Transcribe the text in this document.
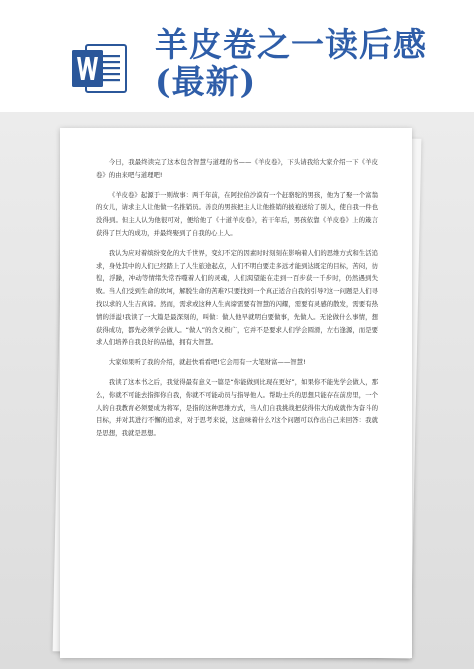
羊皮卷之一读后感(最新)

今日，我最终读完了这本包含智慧与道理的书——《羊皮卷》，下头请我给大家介绍一下《羊皮卷》的由来吧与道理吧!

《羊皮卷》起源于一则故事：两千年前，在阿拉伯沙漠有一个赶骆驼的男孩，他为了娶一个富翁的女儿，请求主人让他做一名推销员。善良的男孩把主人让他推销的披袍送给了别人，使自我一件也没得到。但主人认为他很可对，便给他了《十道羊皮卷》，若干年后，男孩依靠《羊皮卷》上的箴言获得了巨大的成功，并最终娶到了自我的心上人。

我认为应对着缤纷变化的大千世界，变幻不定的因素时时刻刻在影响着人们的思维方式和生活追求，身处其中的人们已经踏上了人生旅途起点，人们不明白要走多远才能到达既定的目标，苦闷，彷徨，浮躁，冲动等情绪失常吞噬着人们的灵魂，人们渴望能在走到一百步获一千步时，仍然遇到失败。当人们受到生命的坎坷，解脱生命的苦难?只要找到一个真正适合自我的引导?这一问题是人们寻找以求的人生吉真谛。然而，需求或这种人生真谛需要有智慧的闪耀，需要有灵感的散发，需要有热情的洋溢!我读了一大篇是最深刻的，叫做：做人他早就明白要做事，先做人。无论做什么事情，想获得成功，都先必须学会做人。“做人”的含义极广，它并不是要求人们学会圆滑，左右逢源，而是要求人们培养自我良好的品德，拥有大智慧。

大家如果听了我的介绍，就赶快看看吧!它会用有一大笔财富——智慧!

我读了这本书之后，我觉得最有意义一篇是“你能做到比现在更好”，如果你不能先学会做人，那么，你就不可能去指挥你自我，你就不可能动员与指导他人。帮助士兵的思想只能存在前房里，一个人的自我教育必须要成为将军，是指的这种思维方式，当人们自我挑战把获得伟大的成就作为奋斗的目标，并对其进行不懈的追求，对于思考来说，这意味着什么?这个问题可以作出自己来回答：我就是思想，我就是思想。
